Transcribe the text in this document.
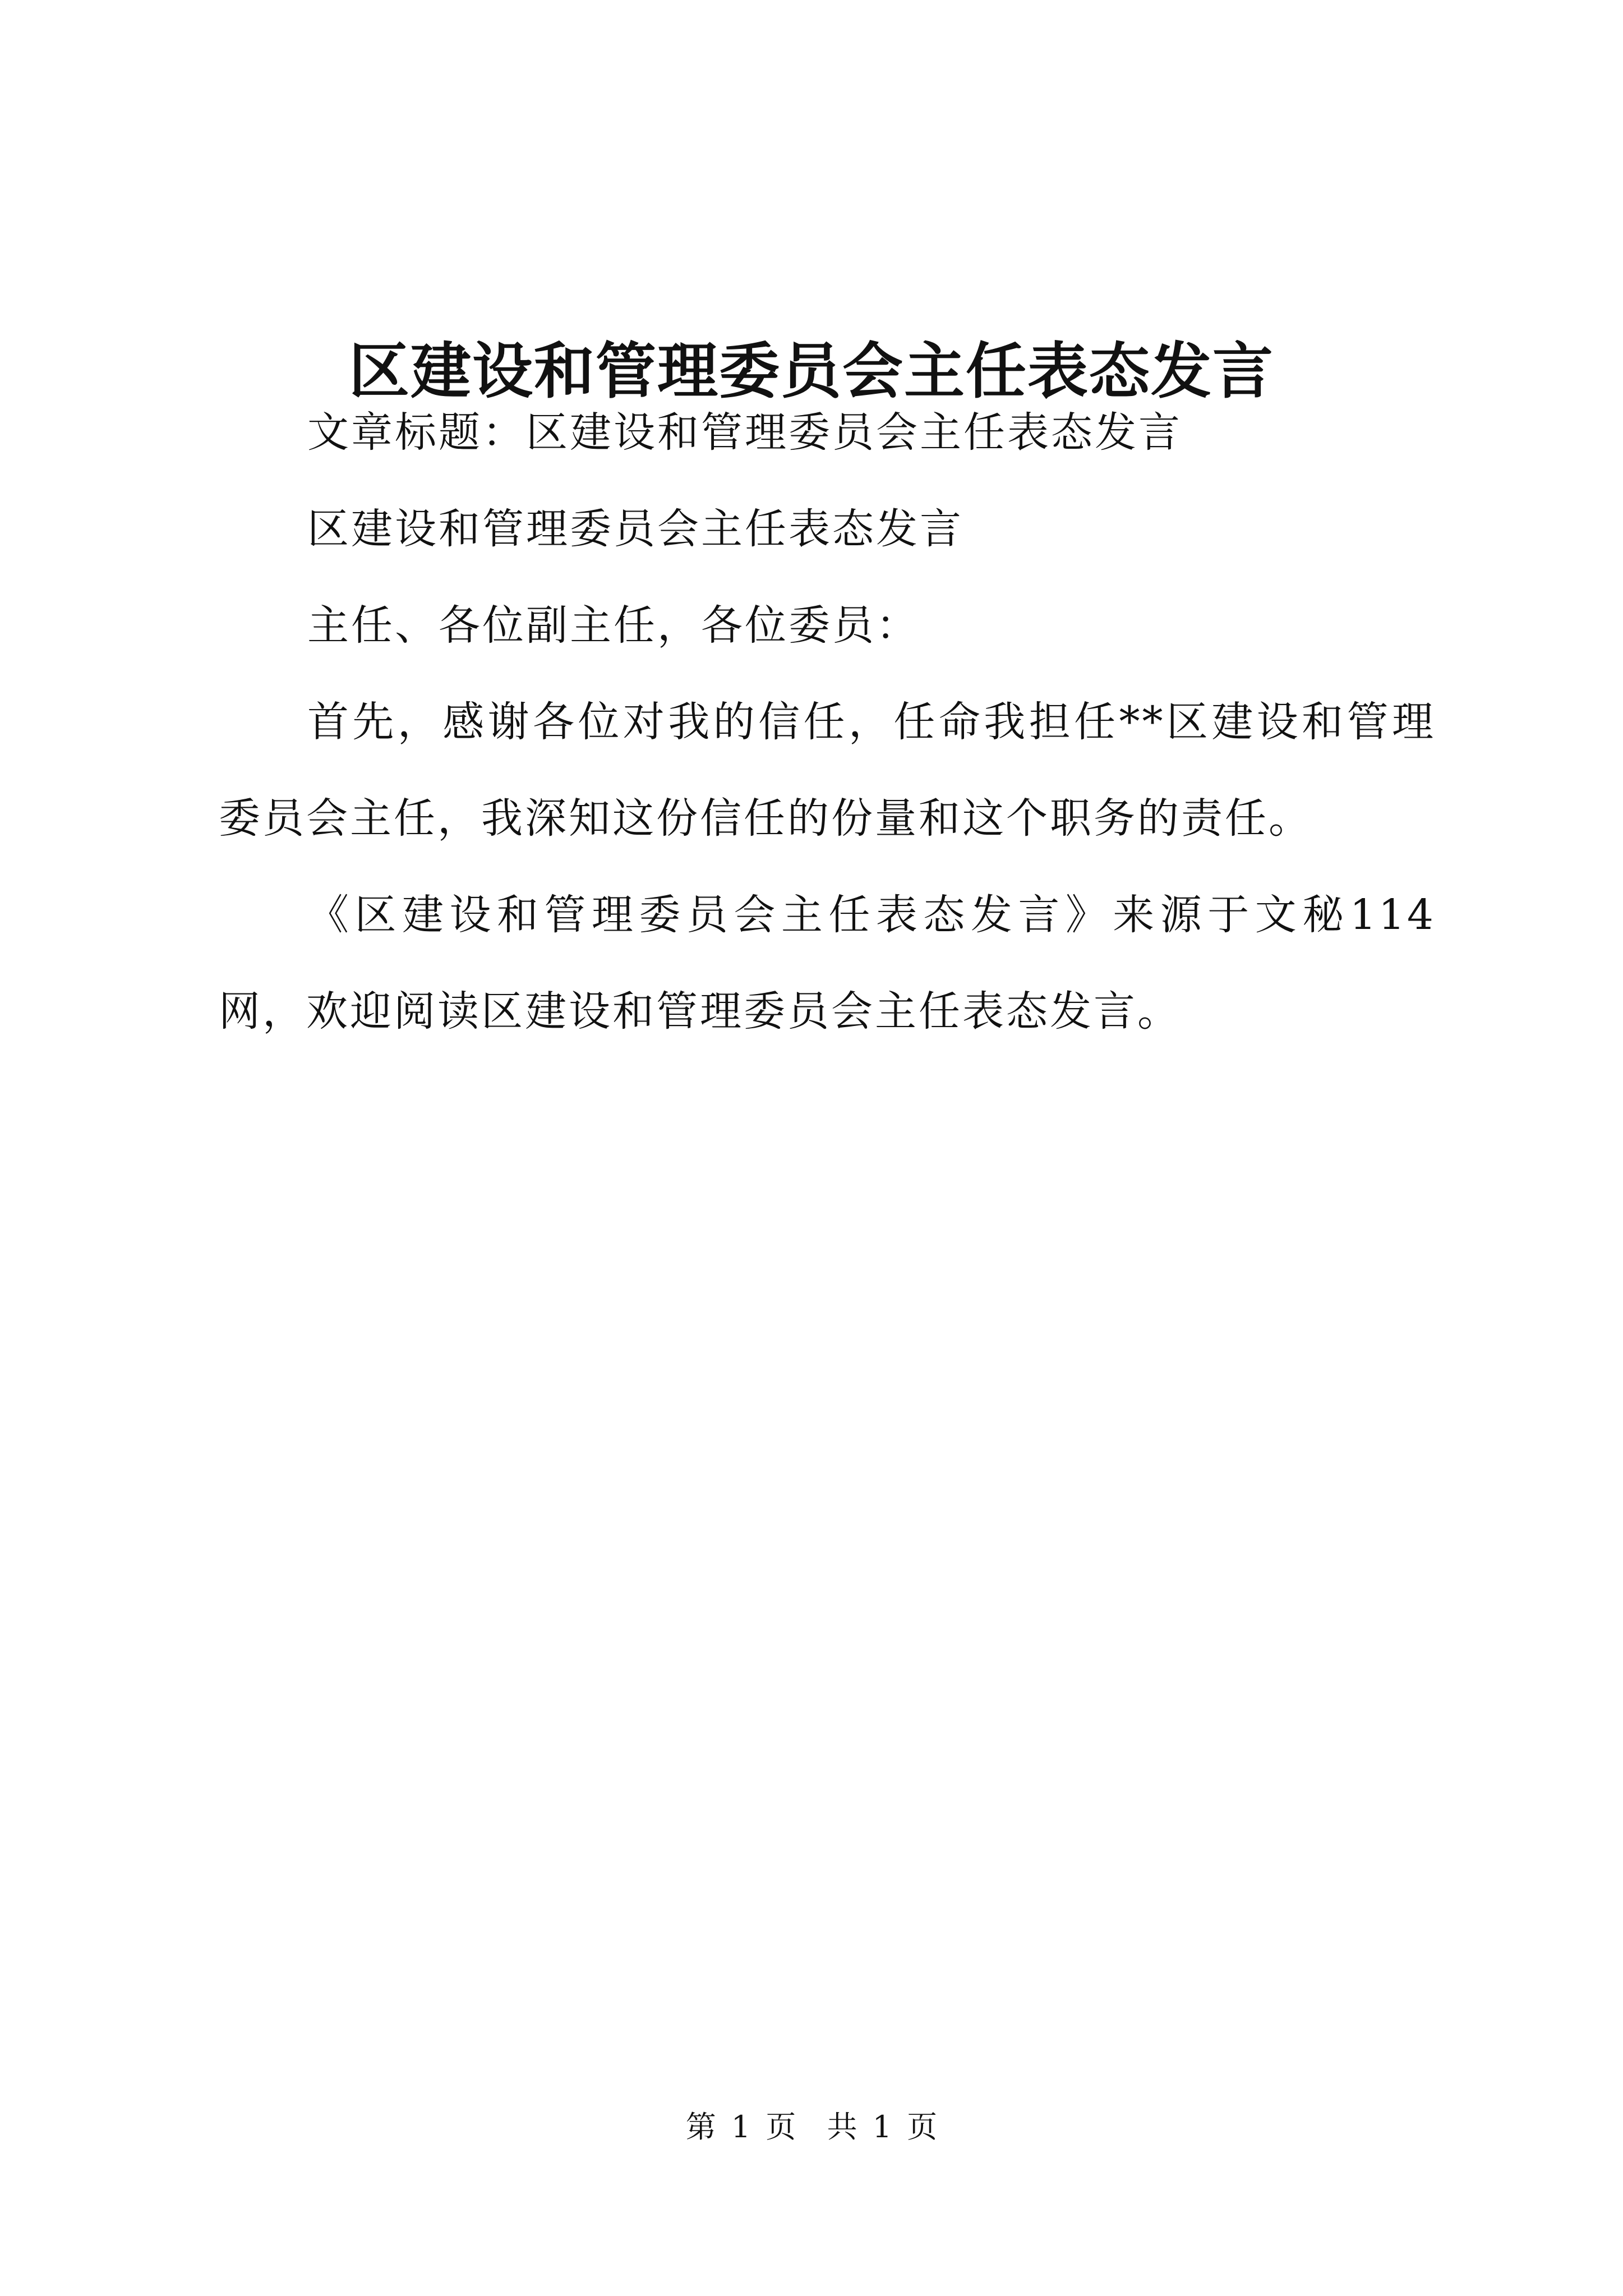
区建设和管理委员会主任表态发言

文章标题：区建设和管理委员会主任表态发言

区建设和管理委员会主任表态发言

主任、各位副主任，各位委员：

首先，感谢各位对我的信任，任命我担任**区建设和管理委员会主任，我深知这份信任的份量和这个职务的责任。

《区建设和管理委员会主任表态发言》来源于文秘114网，欢迎阅读区建设和管理委员会主任表态发言。

第 1 页 共 1 页
